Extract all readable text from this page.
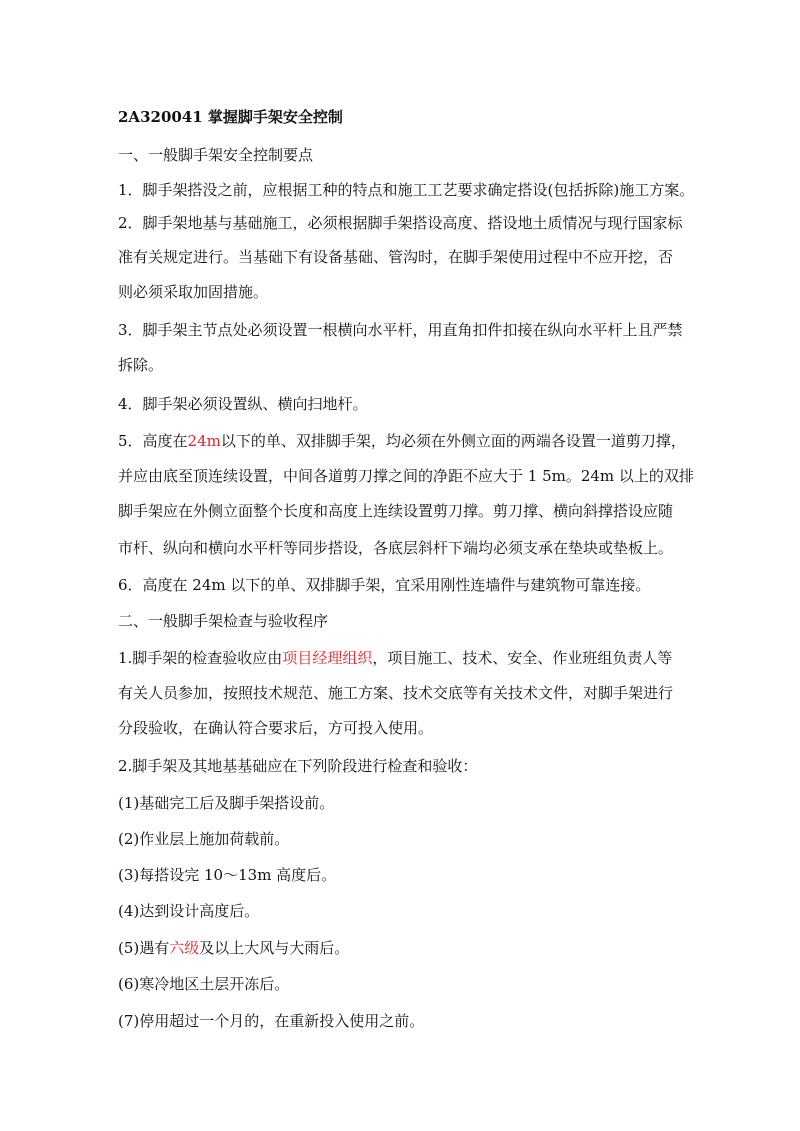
2A320041 掌握脚手架安全控制
一、一般脚手架安全控制要点
1．脚手架搭没之前，应根据工种的特点和施工工艺要求确定搭设(包括拆除)施工方案。
2．脚手架地基与基础施工，必须根据脚手架搭设高度、搭设地土质情况与现行国家标
准有关规定进行。当基础下有设备基础、管沟时，在脚手架使用过程中不应开挖，否
则必须采取加固措施。
3．脚手架主节点处必须设置一根横向水平杆，用直角扣件扣接在纵向水平杆上且严禁
拆除。
4．脚手架必须设置纵、横向扫地杆。
5．高度在24m以下的单、双排脚手架，均必须在外侧立面的两端各设置一道剪刀撑，
并应由底至顶连续设置，中间各道剪刀撑之间的净距不应大于 1 5m。24m 以上的双排
脚手架应在外侧立面整个长度和高度上连续设置剪刀撑。剪刀撑、横向斜撑搭设应随
市杆、纵向和横向水平杆等同步搭设，各底层斜杆下端均必须支承在垫块或垫板上。
6．高度在 24m 以下的单、双排脚手架，宜采用刚性连墙件与建筑物可靠连接。
二、一般脚手架检查与验收程序
1.脚手架的检查验收应由项目经理组织，项目施工、技术、安全、作业班组负责人等
有关人员参加，按照技术规范、施工方案、技术交底等有关技术文件，对脚手架进行
分段验收，在确认符合要求后，方可投入使用。
2.脚手架及其地基基础应在下列阶段进行检查和验收：
(1)基础完工后及脚手架搭设前。
(2)作业层上施加荷载前。
(3)每搭设完 10～13m 高度后。
(4)达到设计高度后。
(5)遇有六级及以上大风与大雨后。
(6)寒冷地区土层开冻后。
(7)停用超过一个月的，在重新投入使用之前。
